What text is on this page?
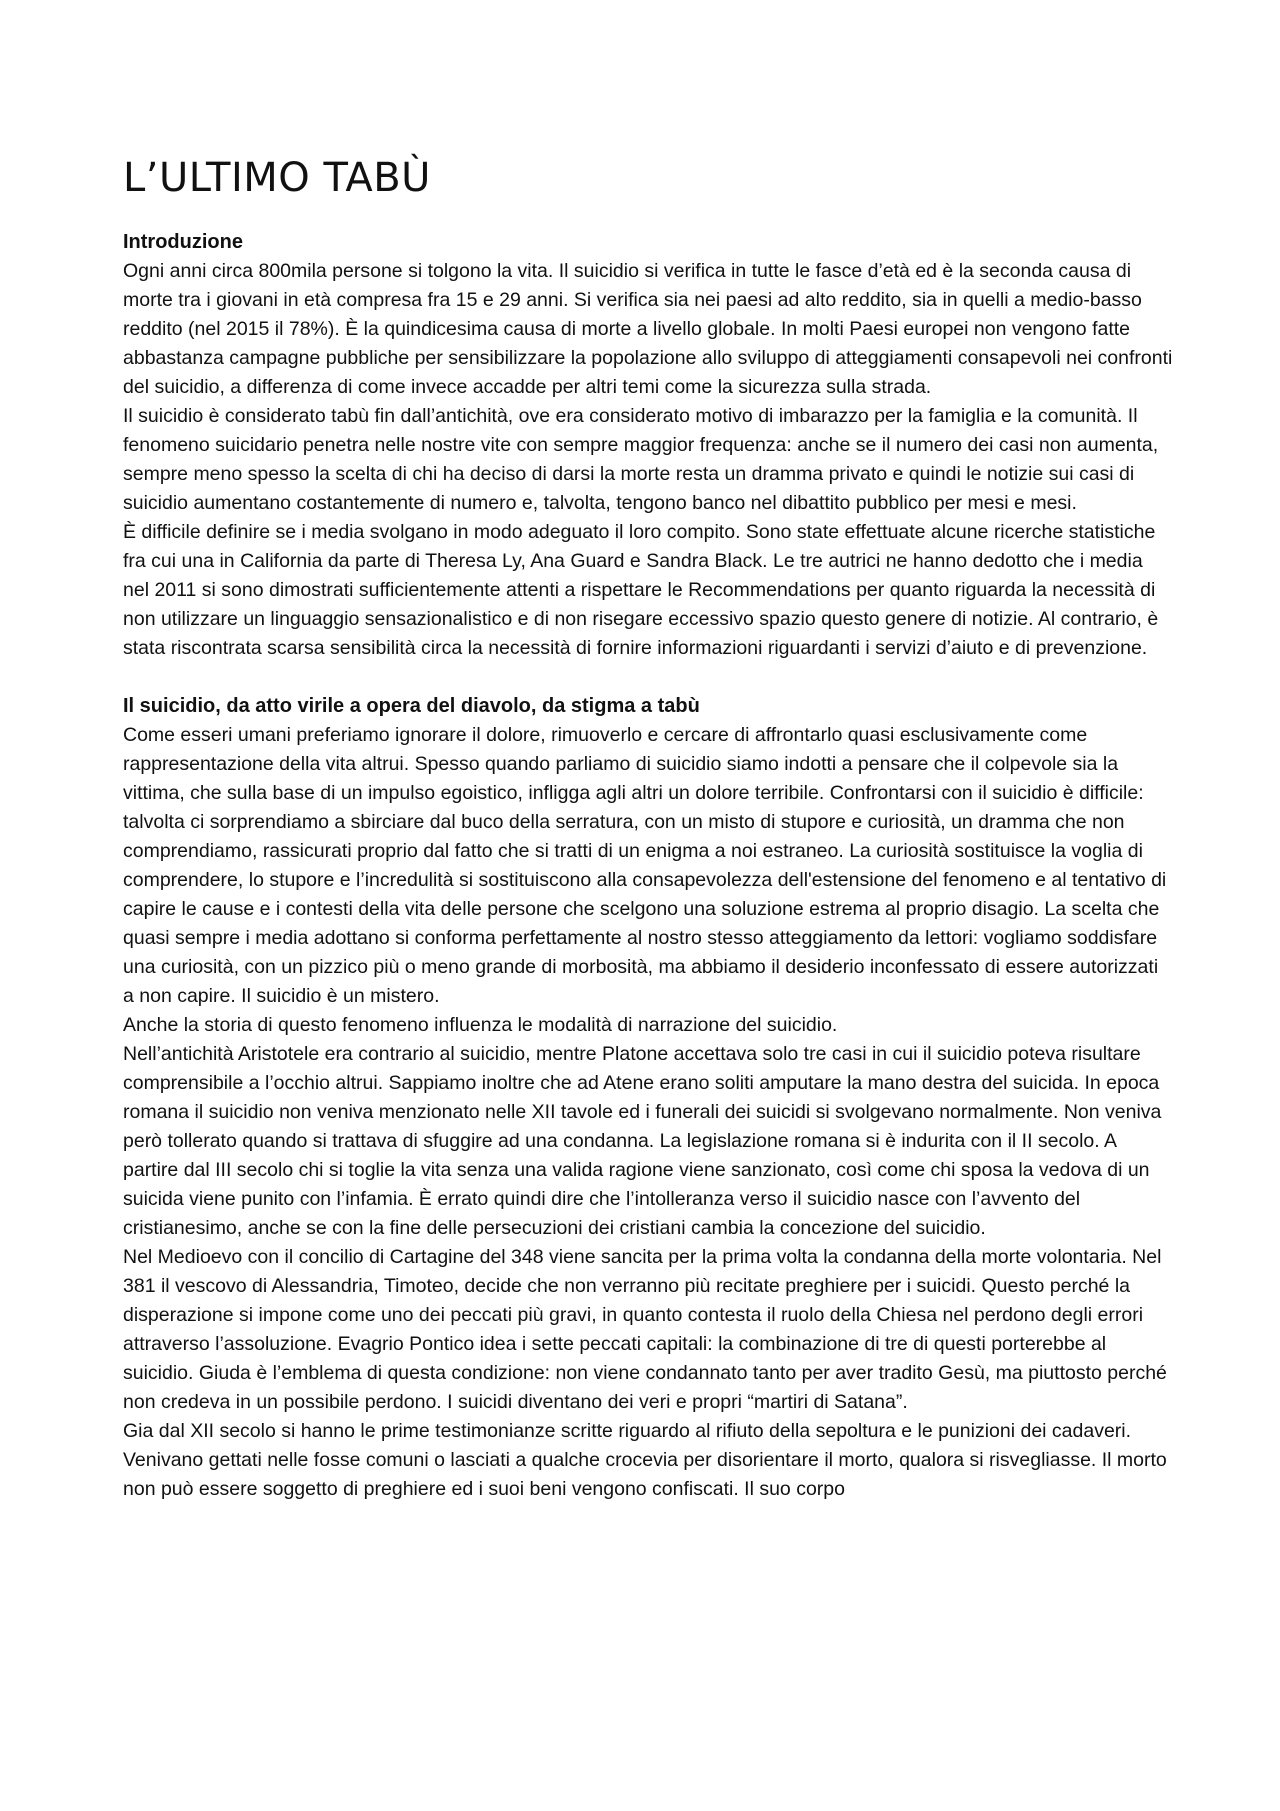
L’ULTIMO TABÙ
Introduzione

Ogni anni circa 800mila persone si tolgono la vita. Il suicidio si verifica in tutte le fasce d’età ed è la seconda causa di morte tra i giovani in età compresa fra 15 e 29 anni. Si verifica sia nei paesi ad alto reddito, sia in quelli a medio-basso reddito (nel 2015 il 78%). È la quindicesima causa di morte a livello globale. In molti Paesi europei non vengono fatte abbastanza campagne pubbliche per sensibilizzare la popolazione allo sviluppo di atteggiamenti consapevoli nei confronti del suicidio, a differenza di come invece accadde per altri temi come la sicurezza sulla strada.

Il suicidio è considerato tabù fin dall’antichità, ove era considerato motivo di imbarazzo per la famiglia e la comunità. Il fenomeno suicidario penetra nelle nostre vite con sempre maggior frequenza: anche se il numero dei casi non aumenta, sempre meno spesso la scelta di chi ha deciso di darsi la morte resta un dramma privato e quindi le notizie sui casi di suicidio aumentano costantemente di numero e, talvolta, tengono banco nel dibattito pubblico per mesi e mesi.

È difficile definire se i media svolgano in modo adeguato il loro compito. Sono state effettuate alcune ricerche statistiche fra cui una in California da parte di Theresa Ly, Ana Guard e Sandra Black. Le tre autrici ne hanno dedotto che i media nel 2011 si sono dimostrati sufficientemente attenti a rispettare le Recommendations per quanto riguarda la necessità di non utilizzare un linguaggio sensazionalistico e di non risegare eccessivo spazio questo genere di notizie. Al contrario, è stata riscontrata scarsa sensibilità circa la necessità di fornire informazioni riguardanti i servizi d’aiuto e di prevenzione.

Il suicidio, da atto virile a opera del diavolo, da stigma a tabù

Come esseri umani preferiamo ignorare il dolore, rimuoverlo e cercare di affrontarlo quasi esclusivamente come rappresentazione della vita altrui. Spesso quando parliamo di suicidio siamo indotti a pensare che il colpevole sia la vittima, che sulla base di un impulso egoistico, infligga agli altri un dolore terribile. Confrontarsi con il suicidio è difficile: talvolta ci sorprendiamo a sbirciare dal buco della serratura, con un misto di stupore e curiosità, un dramma che non comprendiamo, rassicurati proprio dal fatto che si tratti di un enigma a noi estraneo. La curiosità sostituisce la voglia di comprendere, lo stupore e l’incredulità si sostituiscono alla consapevolezza dell'estensione del fenomeno e al tentativo di capire le cause e i contesti della vita delle persone che scelgono una soluzione estrema al proprio disagio. La scelta che quasi sempre i media adottano si conforma perfettamente al nostro stesso atteggiamento da lettori: vogliamo soddisfare una curiosità, con un pizzico più o meno grande di morbosità, ma abbiamo il desiderio inconfessato di essere autorizzati a non capire. Il suicidio è un mistero.

Anche la storia di questo fenomeno influenza le modalità di narrazione del suicidio.

Nell’antichità Aristotele era contrario al suicidio, mentre Platone accettava solo tre casi in cui il suicidio poteva risultare comprensibile a l’occhio altrui. Sappiamo inoltre che ad Atene erano soliti amputare la mano destra del suicida. In epoca romana il suicidio non veniva menzionato nelle XII tavole ed i funerali dei suicidi si svolgevano normalmente. Non veniva però tollerato quando si trattava di sfuggire ad una condanna. La legislazione romana si è indurita con il II secolo. A partire dal III secolo chi si toglie la vita senza una valida ragione viene sanzionato, così come chi sposa la vedova di un suicida viene punito con l’infamia. È errato quindi dire che l’intolleranza verso il suicidio nasce con l’avvento del cristianesimo, anche se con la fine delle persecuzioni dei cristiani cambia la concezione del suicidio.

Nel Medioevo con il concilio di Cartagine del 348 viene sancita per la prima volta la condanna della morte volontaria. Nel 381 il vescovo di Alessandria, Timoteo, decide che non verranno più recitate preghiere per i suicidi. Questo perché la disperazione si impone come uno dei peccati più gravi, in quanto contesta il ruolo della Chiesa nel perdono degli errori attraverso l’assoluzione. Evagrio Pontico idea i sette peccati capitali: la combinazione di tre di questi porterebbe al suicidio. Giuda è l’emblema di questa condizione: non viene condannato tanto per aver tradito Gesù, ma piuttosto perché non credeva in un possibile perdono. I suicidi diventano dei veri e propri “martiri di Satana”.

Gia dal XII secolo si hanno le prime testimonianze scritte riguardo al rifiuto della sepoltura e le punizioni dei cadaveri. Venivano gettati nelle fosse comuni o lasciati a qualche crocevia per disorientare il morto, qualora si risvegliasse. Il morto non può essere soggetto di preghiere ed i suoi beni vengono confiscati. Il suo corpo
